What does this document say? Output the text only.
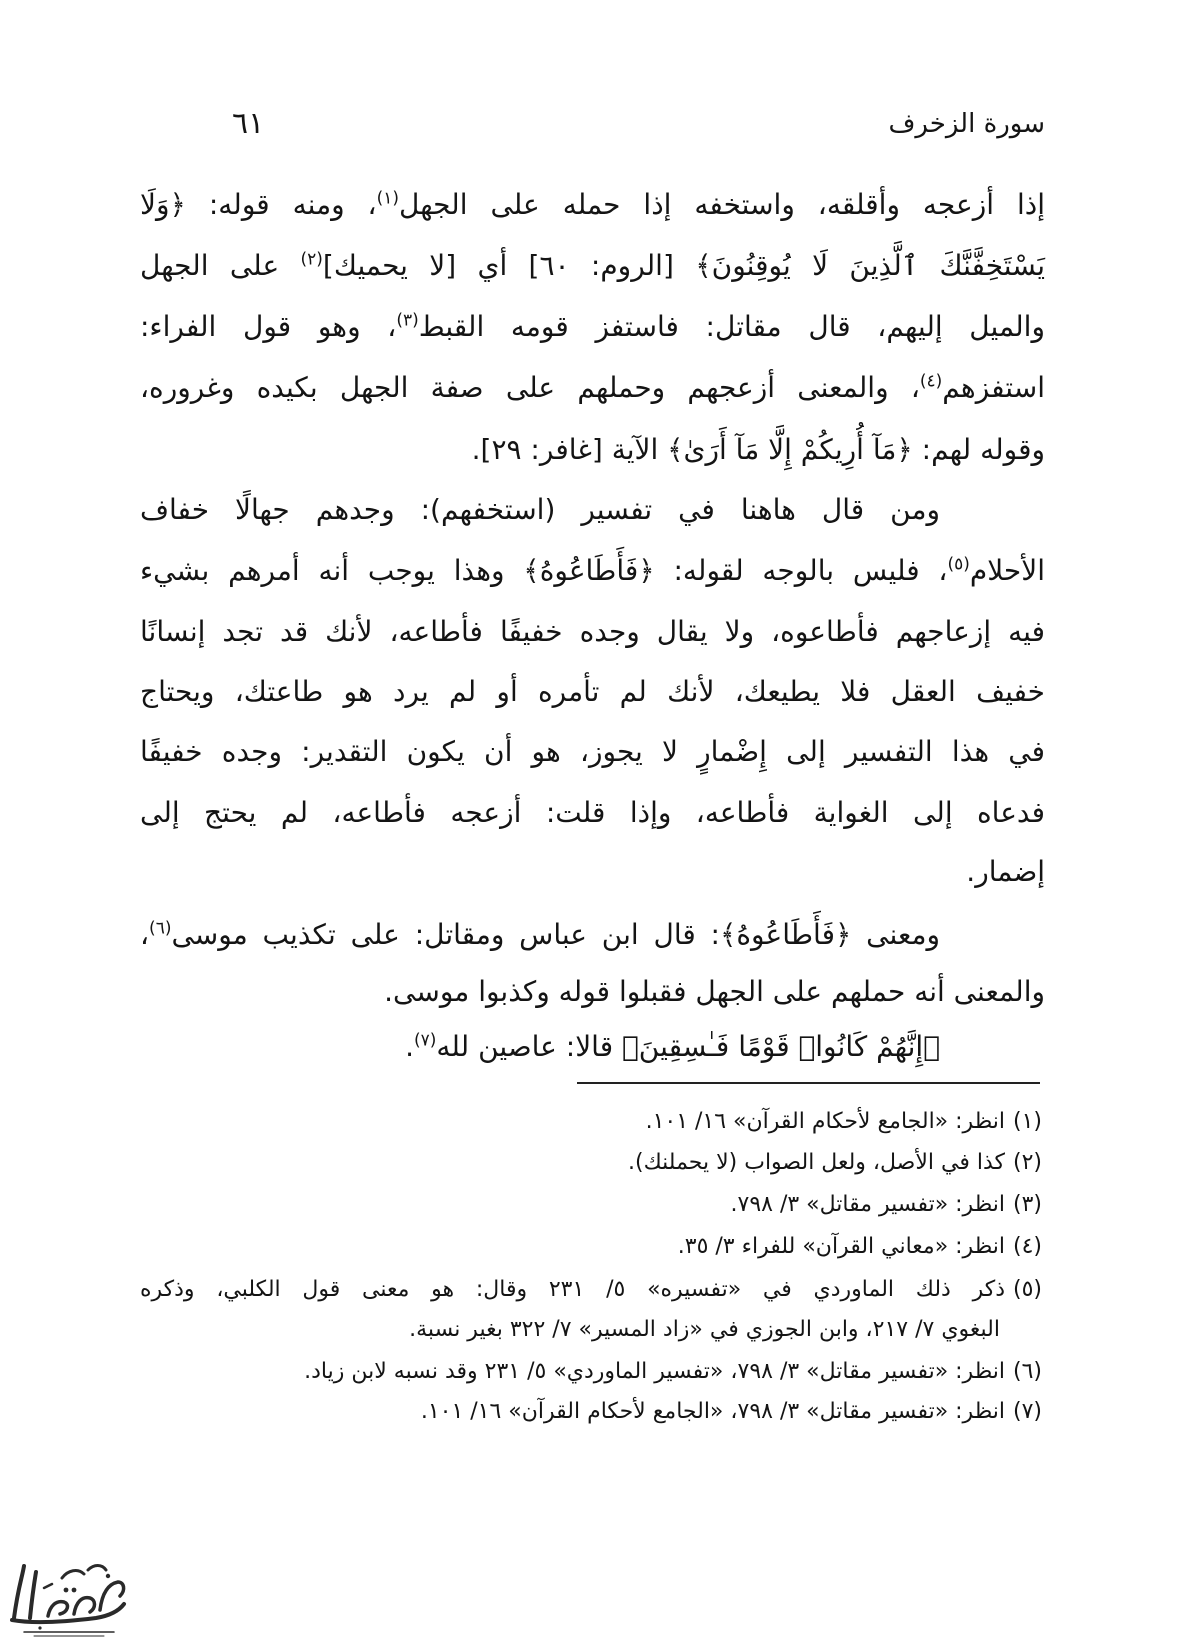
سورة الزخرف
٦١
إذا أزعجه وأقلقه، واستخفه إذا حمله على الجهل$^{(١)}$، ومنه قوله: ﴿وَلَا
يَسْتَخِفَّنَّكَ ٱلَّذِينَ لَا يُوقِنُونَ﴾ [الروم: ٦٠] أي [لا يحميك]$^{(٢)}$ على الجهل
والميل إليهم، قال مقاتل: فاستفز قومه القبط$^{(٣)}$، وهو قول الفراء:
استفزهم$^{(٤)}$، والمعنى أزعجهم وحملهم على صفة الجهل بكيده وغروره،
وقوله لهم: ﴿مَآ أُرِيكُمْ إِلَّا مَآ أَرَىٰ﴾ الآية [غافر: ٢٩].
ومن قال هاهنا في تفسير (استخفهم): وجدهم جهالًا خفاف
الأحلام$^{(٥)}$، فليس بالوجه لقوله: ﴿فَأَطَاعُوهُ﴾ وهذا يوجب أنه أمرهم بشيء
فيه إزعاجهم فأطاعوه، ولا يقال وجده خفيفًا فأطاعه، لأنك قد تجد إنسانًا
خفيف العقل فلا يطيعك، لأنك لم تأمره أو لم يرد هو طاعتك، ويحتاج
في هذا التفسير إلى إِضْمارٍ لا يجوز، هو أن يكون التقدير: وجده خفيفًا
فدعاه إلى الغواية فأطاعه، وإذا قلت: أزعجه فأطاعه، لم يحتج إلى
إضمار.
ومعنى ﴿فَأَطَاعُوهُ﴾: قال ابن عباس ومقاتل: على تكذيب موسى$^{(٦)}$،
والمعنى أنه حملهم على الجهل فقبلوا قوله وكذبوا موسى.
﴿إِنَّهُمْ كَانُوا۟ قَوْمًا فَـٰسِقِينَ﴾ قالا: عاصين لله$^{(٧)}$.
(١)انظر: «الجامع لأحكام القرآن» ١٦/ ١٠١.
(٢)كذا في الأصل، ولعل الصواب (لا يحملنك).
(٣)انظر: «تفسير مقاتل» ٣/ ٧٩٨.
(٤)انظر: «معاني القرآن» للفراء ٣/ ٣٥.
(٥)ذكر ذلك الماوردي في «تفسيره» ٥/ ٢٣١ وقال: هو معنى قول الكلبي، وذكره
البغوي ٧/ ٢١٧، وابن الجوزي في «زاد المسير» ٧/ ٣٢٢ بغير نسبة.
(٦)انظر: «تفسير مقاتل» ٣/ ٧٩٨، «تفسير الماوردي» ٥/ ٢٣١ وقد نسبه لابن زياد.
(٧)انظر: «تفسير مقاتل» ٣/ ٧٩٨، «الجامع لأحكام القرآن» ١٦/ ١٠١.
